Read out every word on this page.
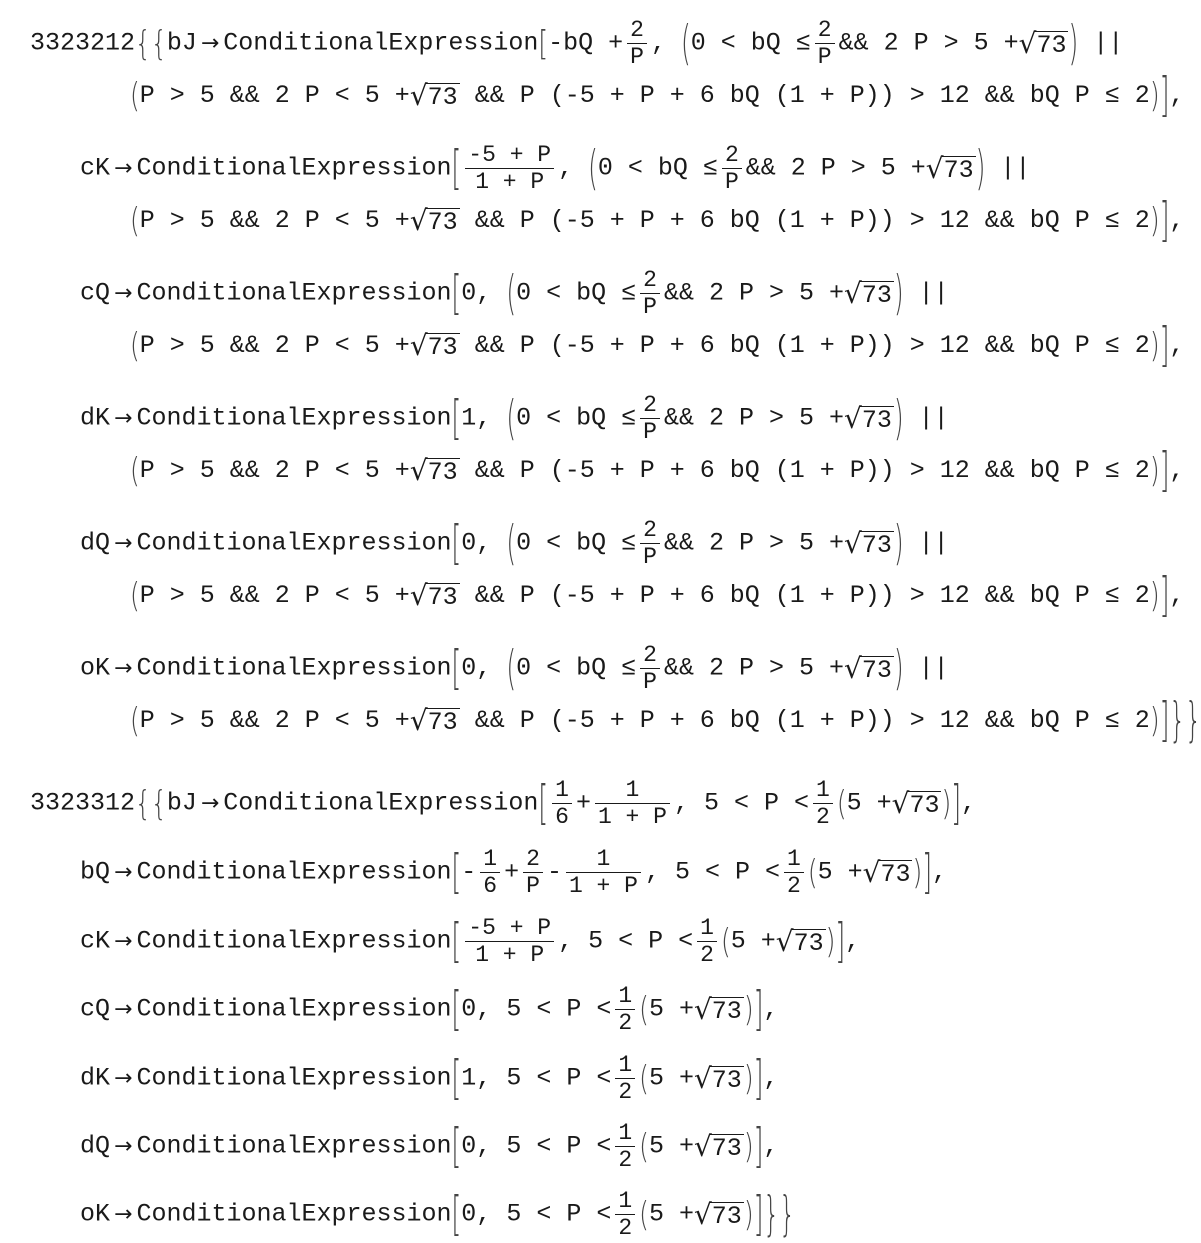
3323212{{bJ → ConditionalExpression[-bQ + $\frac{2}{P}$ , (0 < bQ ≤ $\frac{2}{P}$ && 2 P > 5 + √ 73 ) ||
(P > 5 && 2 P < 5 + √ 73 && P (-5 + P + 6 bQ (1 + P)) > 12 && bQ P ≤ 2)],
cK → ConditionalExpression[ $\frac{-5 + P}{1 + P}$ , (0 < bQ ≤ $\frac{2}{P}$ && 2 P > 5 + √ 73 ) ||
(P > 5 && 2 P < 5 + √ 73 && P (-5 + P + 6 bQ (1 + P)) > 12 && bQ P ≤ 2)],
cQ → ConditionalExpression[0, (0 < bQ ≤ $\frac{2}{P}$ && 2 P > 5 + √ 73 ) ||
(P > 5 && 2 P < 5 + √ 73 && P (-5 + P + 6 bQ (1 + P)) > 12 && bQ P ≤ 2)],
dK → ConditionalExpression[1, (0 < bQ ≤ $\frac{2}{P}$ && 2 P > 5 + √ 73 ) ||
(P > 5 && 2 P < 5 + √ 73 && P (-5 + P + 6 bQ (1 + P)) > 12 && bQ P ≤ 2)],
dQ → ConditionalExpression[0, (0 < bQ ≤ $\frac{2}{P}$ && 2 P > 5 + √ 73 ) ||
(P > 5 && 2 P < 5 + √ 73 && P (-5 + P + 6 bQ (1 + P)) > 12 && bQ P ≤ 2)],
oK → ConditionalExpression[0, (0 < bQ ≤ $\frac{2}{P}$ && 2 P > 5 + √ 73 ) ||
(P > 5 && 2 P < 5 + √ 73 && P (-5 + P + 6 bQ (1 + P)) > 12 && bQ P ≤ 2)]}}
3323312{{bJ → ConditionalExpression[ $\frac{1}{6} + \frac{1}{1 + P}$ , $5 < P < \frac{1}{2} (5$ + √ 73 )],
bQ → ConditionalExpression[- $\frac{1}{6} + \frac{2}{P} - \frac{1}{1 + P}$ , $5 < P < \frac{1}{2} (5$ + √ 73 )],
cK → ConditionalExpression[ $\frac{-5 + P}{1 + P}$ , $5 < P < \frac{1}{2} (5$ + √ 73 )],
cQ → ConditionalExpression[0, $5 < P < \frac{1}{2} (5$ + √ 73 )],
dK → ConditionalExpression[1, $5 < P < \frac{1}{2} (5$ + √ 73 )],
dQ → ConditionalExpression[0, $5 < P < \frac{1}{2} (5$ + √ 73 )],
oK → ConditionalExpression[0, $5 < P < \frac{1}{2} (5$ + √ 73 )]}}
